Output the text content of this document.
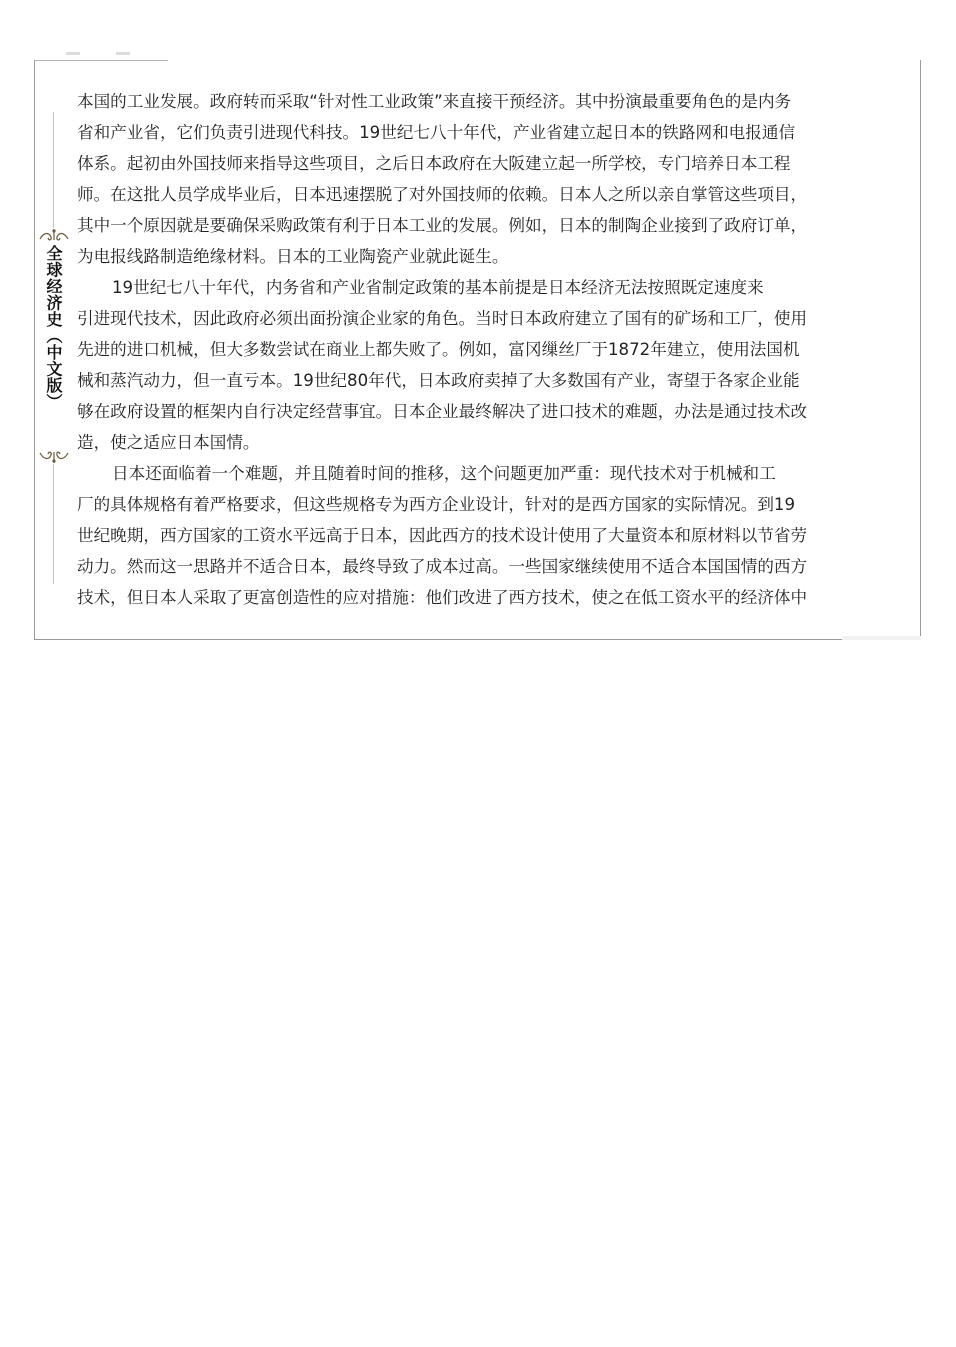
全球经济史（中文版）
本国的工业发展。政府转而采取“针对性工业政策”来直接干预经济。其中扮演最重要角色的是内务
省和产业省，它们负责引进现代科技。19世纪七八十年代，产业省建立起日本的铁路网和电报通信
体系。起初由外国技师来指导这些项目，之后日本政府在大阪建立起一所学校，专门培养日本工程
师。在这批人员学成毕业后，日本迅速摆脱了对外国技师的依赖。日本人之所以亲自掌管这些项目，
其中一个原因就是要确保采购政策有利于日本工业的发展。例如，日本的制陶企业接到了政府订单，
为电报线路制造绝缘材料。日本的工业陶瓷产业就此诞生。
19世纪七八十年代，内务省和产业省制定政策的基本前提是日本经济无法按照既定速度来
引进现代技术，因此政府必须出面扮演企业家的角色。当时日本政府建立了国有的矿场和工厂，使用
先进的进口机械，但大多数尝试在商业上都失败了。例如，富冈缫丝厂于1872年建立，使用法国机
械和蒸汽动力，但一直亏本。19世纪80年代，日本政府卖掉了大多数国有产业，寄望于各家企业能
够在政府设置的框架内自行决定经营事宜。日本企业最终解决了进口技术的难题，办法是通过技术改
造，使之适应日本国情。
日本还面临着一个难题，并且随着时间的推移，这个问题更加严重：现代技术对于机械和工
厂的具体规格有着严格要求，但这些规格专为西方企业设计，针对的是西方国家的实际情况。到19
世纪晚期，西方国家的工资水平远高于日本，因此西方的技术设计使用了大量资本和原材料以节省劳
动力。然而这一思路并不适合日本，最终导致了成本过高。一些国家继续使用不适合本国国情的西方
技术，但日本人采取了更富创造性的应对措施：他们改进了西方技术，使之在低工资水平的经济体中
